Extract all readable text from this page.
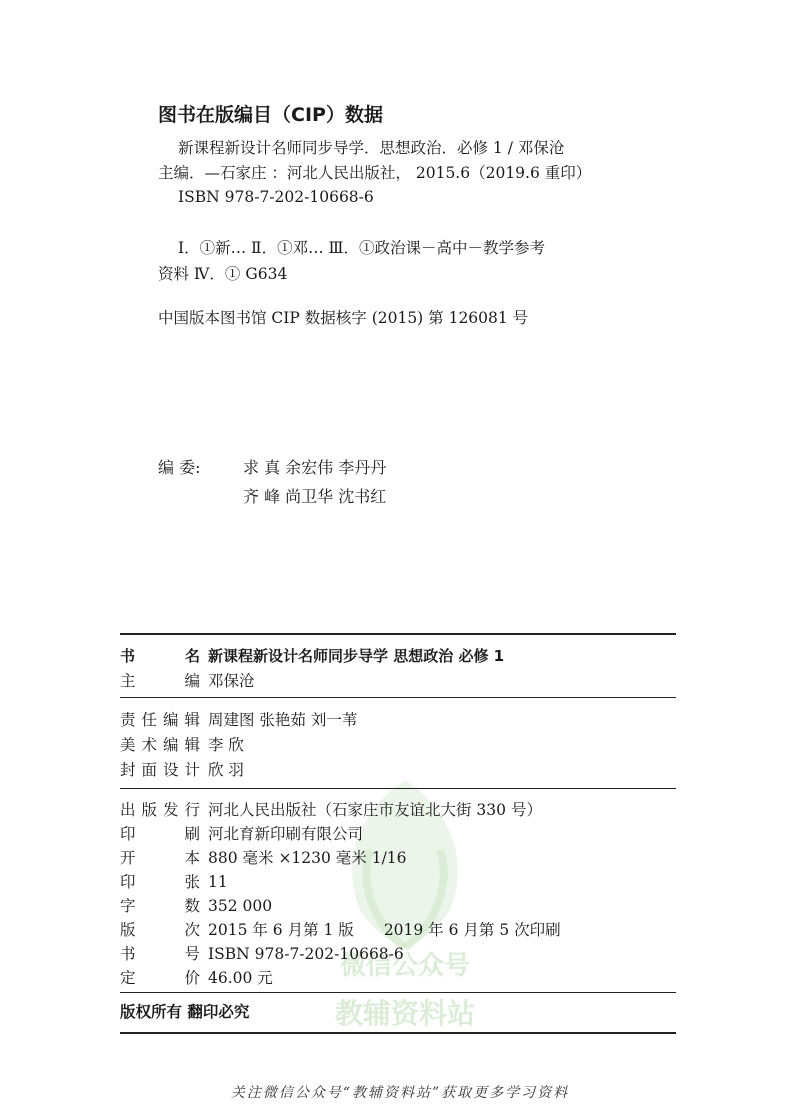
微信公众号
教辅资料站
图书在版编目（CIP）数据
新课程新设计名师同步导学．思想政治．必修 1 / 邓保沧
主编．—石家庄 ：河北人民出版社， 2015.6（2019.6 重印）
ISBN 978-7-202-10668-6
Ⅰ．①新… Ⅱ．①邓… Ⅲ．①政治课－高中－教学参考
资料 Ⅳ．① G634
中国版本图书馆 CIP 数据核字 (2015) 第 126081 号
编 委:	求 真 余宏伟 李丹丹
齐 峰 尚卫华 沈书红
书名 新课程新设计名师同步导学 思想政治 必修 1
主编 邓保沧
责任编辑 周建图 张艳茹 刘一苇
美术编辑 李 欣
封面设计 欣 羽
出版发行 河北人民出版社（石家庄市友谊北大街 330 号）
印刷 河北育新印刷有限公司
开本 880 毫米 ×1230 毫米 1/16
印张 11
字数 352 000
版次 2015 年 6 月第 1 版 2019 年 6 月第 5 次印刷
书号 ISBN 978-7-202-10668-6
定价 46.00 元
版权所有 翻印必究
关注微信公众号“教辅资料站”获取更多学习资料
